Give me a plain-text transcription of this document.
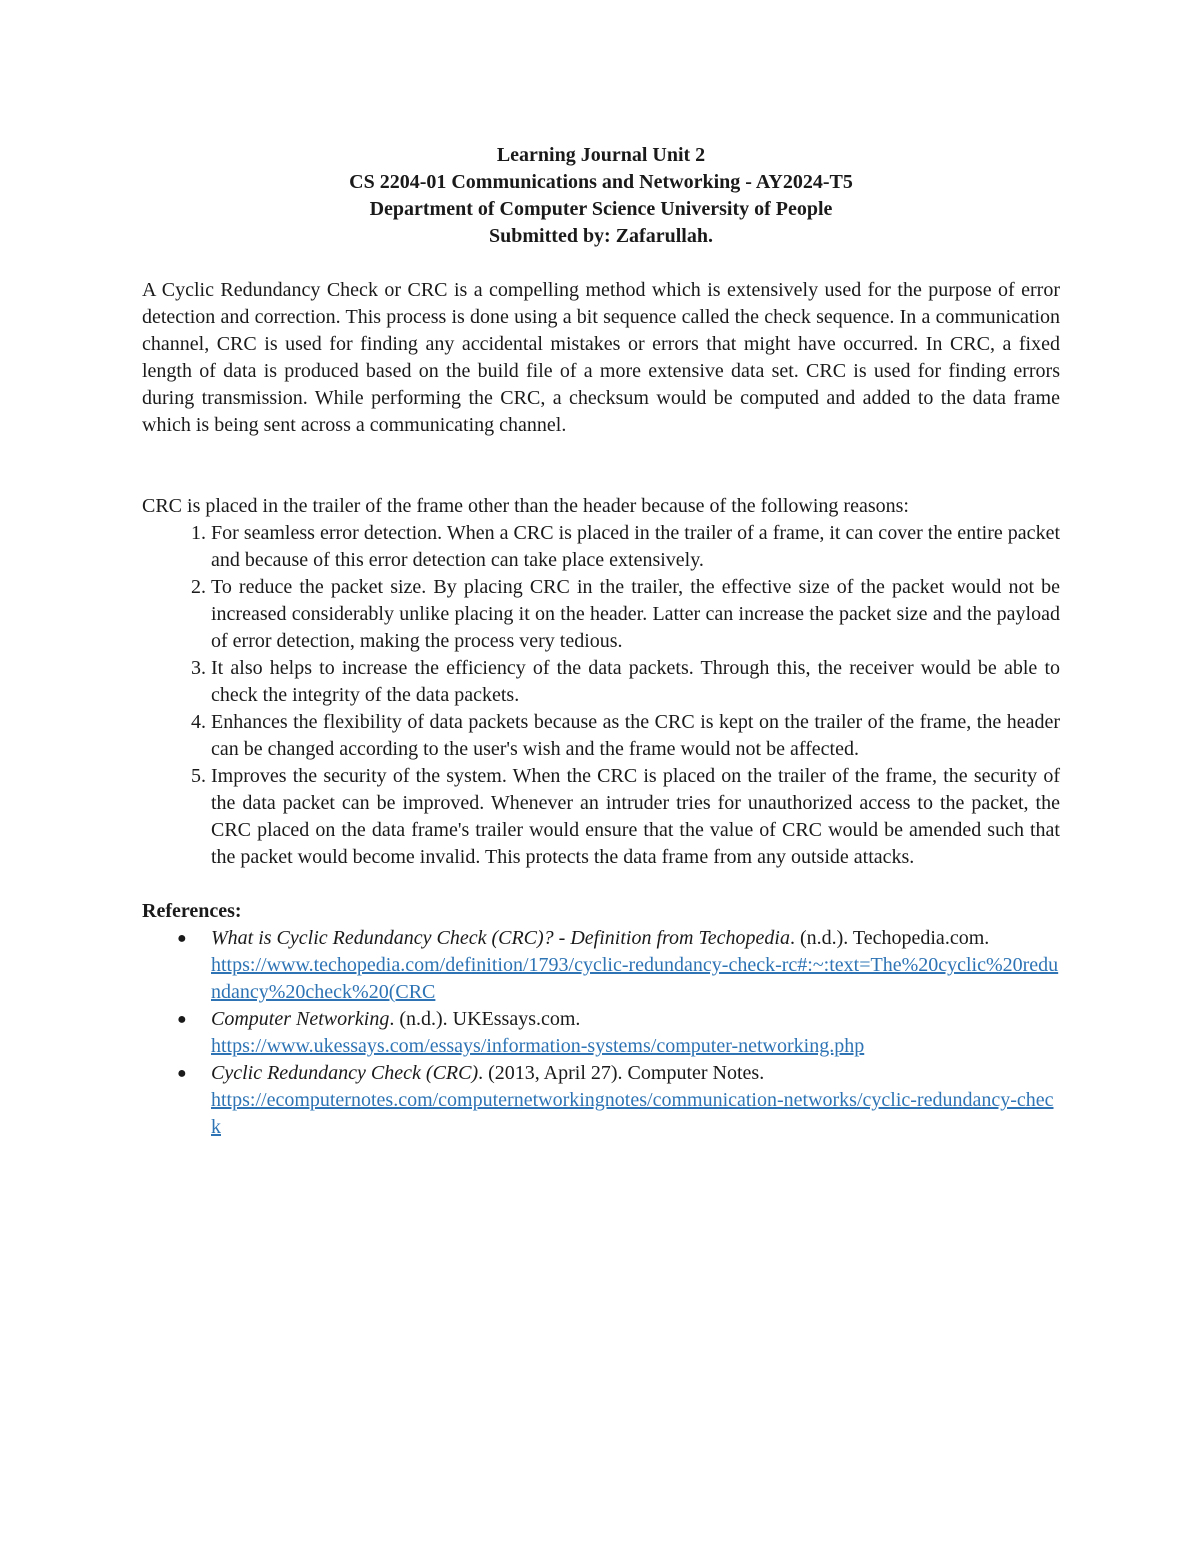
Learning Journal Unit 2
CS 2204-01 Communications and Networking - AY2024-T5
Department of Computer Science University of People
Submitted by: Zafarullah.

A Cyclic Redundancy Check or CRC is a compelling method which is extensively used for the purpose of error detection and correction. This process is done using a bit sequence called the check sequence. In a communication channel, CRC is used for finding any accidental mistakes or errors that might have occurred. In CRC, a fixed length of data is produced based on the build file of a more extensive data set. CRC is used for finding errors during transmission. While performing the CRC, a checksum would be computed and added to the data frame which is being sent across a communicating channel.

CRC is placed in the trailer of the frame other than the header because of the following reasons:
1. For seamless error detection. When a CRC is placed in the trailer of a frame, it can cover the entire packet and because of this error detection can take place extensively.
2. To reduce the packet size. By placing CRC in the trailer, the effective size of the packet would not be increased considerably unlike placing it on the header. Latter can increase the packet size and the payload of error detection, making the process very tedious.
3. It also helps to increase the efficiency of the data packets. Through this, the receiver would be able to check the integrity of the data packets.
4. Enhances the flexibility of data packets because as the CRC is kept on the trailer of the frame, the header can be changed according to the user's wish and the frame would not be affected.
5. Improves the security of the system. When the CRC is placed on the trailer of the frame, the security of the data packet can be improved. Whenever an intruder tries for unauthorized access to the packet, the CRC placed on the data frame's trailer would ensure that the value of CRC would be amended such that the packet would become invalid. This protects the data frame from any outside attacks.
References:
● What is Cyclic Redundancy Check (CRC)? - Definition from Techopedia. (n.d.). Techopedia.com.
https://www.techopedia.com/definition/1793/cyclic-redundancy-check-rc#:~:text=The%20cyclic%20redundancy%20check%20(CRC
● Computer Networking. (n.d.). UKEssays.com.
https://www.ukessays.com/essays/information-systems/computer-networking.php
● Cyclic Redundancy Check (CRC). (2013, April 27). Computer Notes.
https://ecomputernotes.com/computernetworkingnotes/communication-networks/cyclic-redundancy-check
